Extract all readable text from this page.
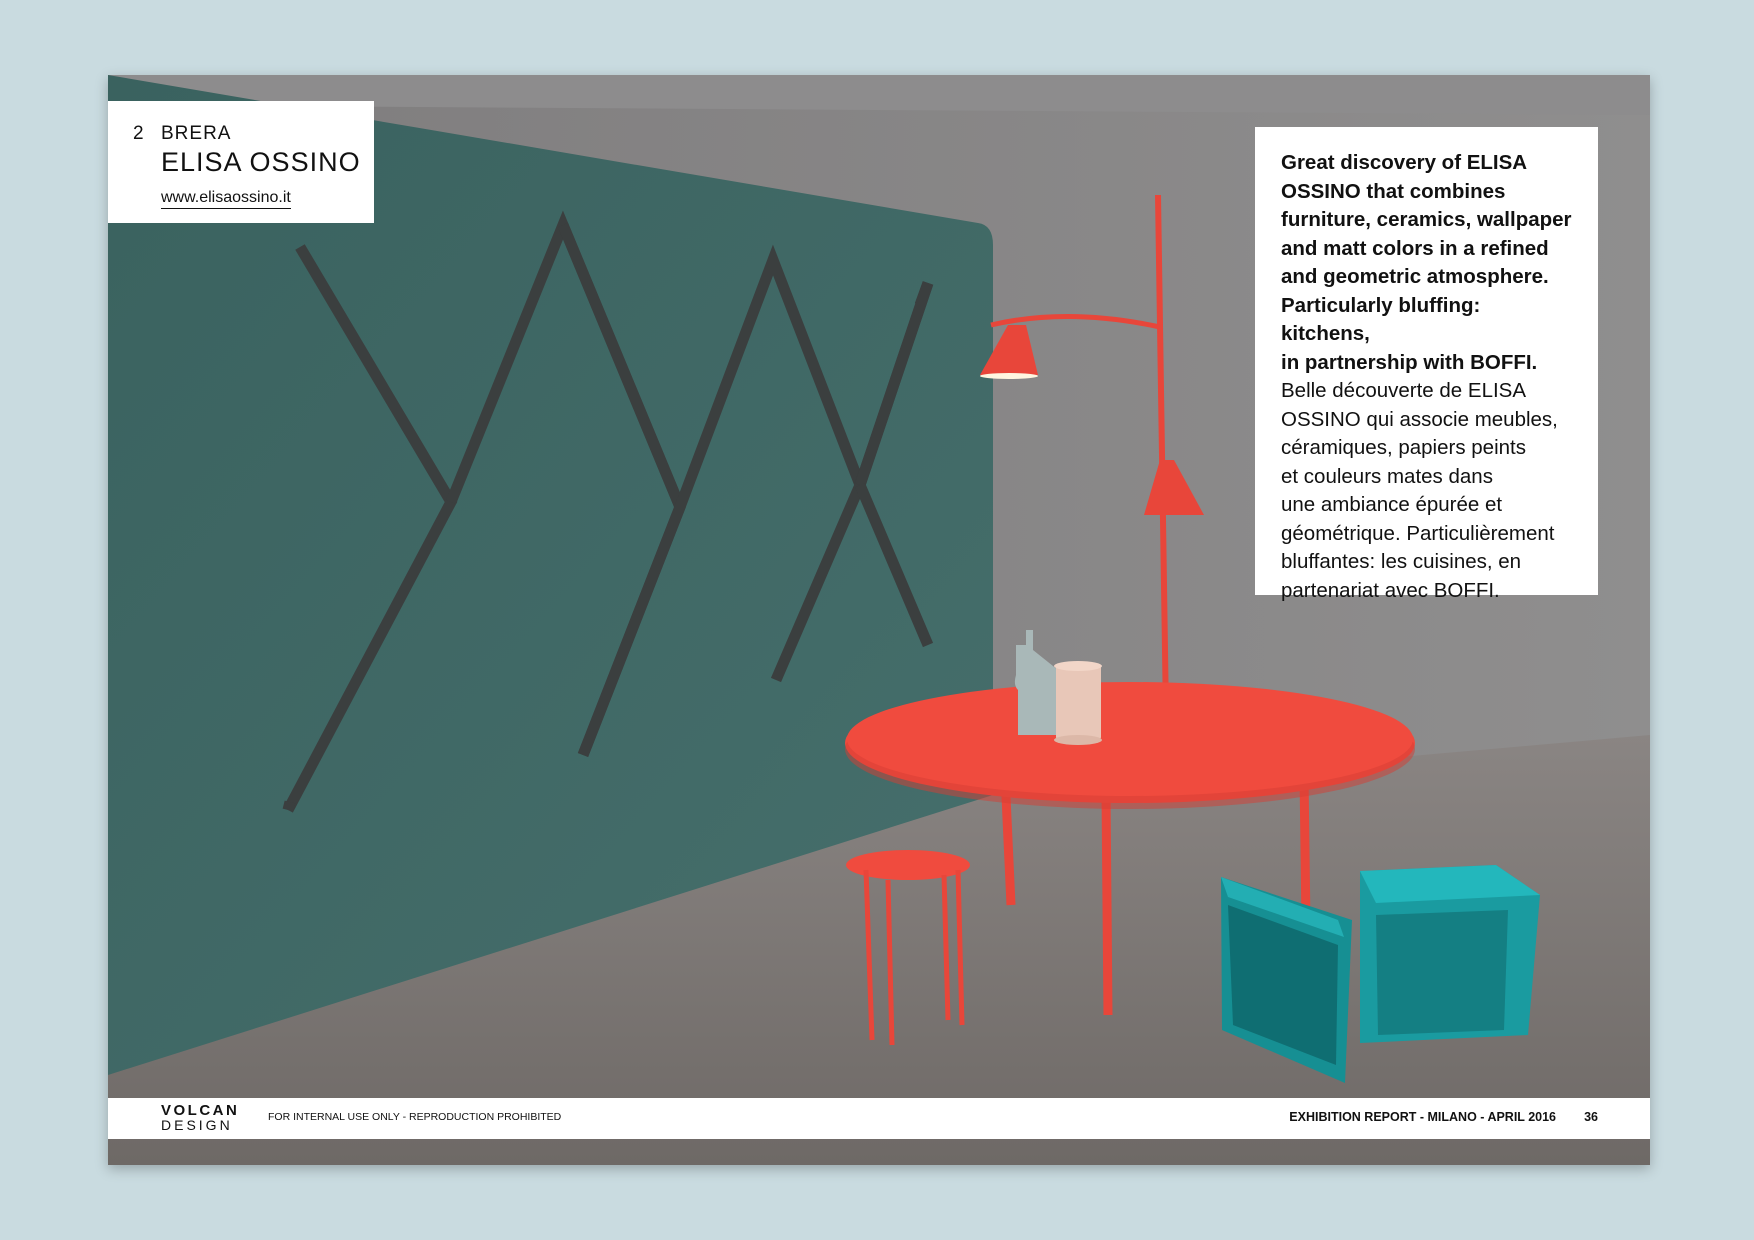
2 BRERA
ELISA OSSINO
www.elisaossino.it

Great discovery of ELISA
OSSINO that combines
furniture, ceramics, wallpaper
and matt colors in a refined
and geometric atmosphere.
Particularly bluffing: kitchens,
in partnership with BOFFI.

Belle découverte de ELISA
OSSINO qui associe meubles,
céramiques, papiers peints
et couleurs mates dans
une ambiance épurée et
géométrique. Particulièrement
bluffantes: les cuisines, en
partenariat avec BOFFI.

VOLCAN
DESIGN	FOR INTERNAL USE ONLY - REPRODUCTION PROHIBITED	EXHIBITION REPORT - MILANO - APRIL 2016 36
